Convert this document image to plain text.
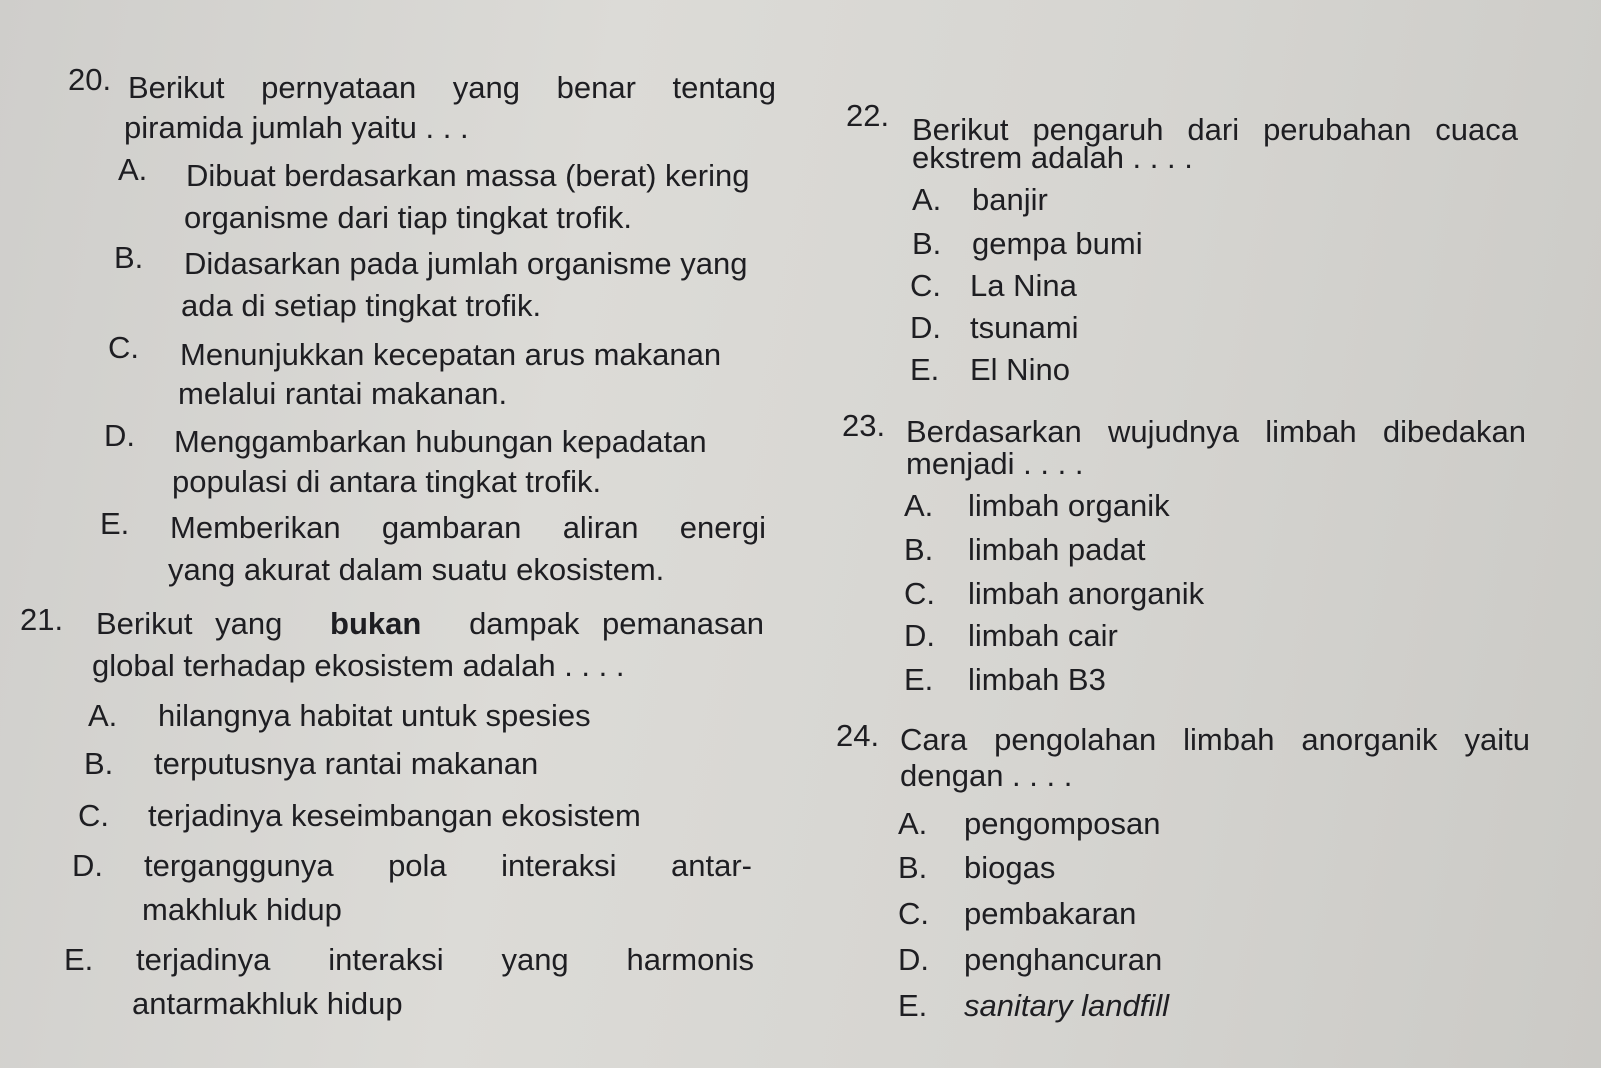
20. Berikut pernyataan yang benar tentang
piramida jumlah yaitu . . .
A. Dibuat berdasarkan massa (berat) kering
organisme dari tiap tingkat trofik.
B. Didasarkan pada jumlah organisme yang
ada di setiap tingkat trofik.
C. Menunjukkan kecepatan arus makanan
melalui rantai makanan.
D. Menggambarkan hubungan kepadatan
populasi di antara tingkat trofik.
E. Memberikan gambaran aliran energi
yang akurat dalam suatu ekosistem.
21. Berikut yang bukan dampak pemanasan
global terhadap ekosistem adalah . . . .
A. hilangnya habitat untuk spesies
B. terputusnya rantai makanan
C. terjadinya keseimbangan ekosistem
D. terganggunya pola interaksi antar-
makhluk hidup
E. terjadinya interaksi yang harmonis
antarmakhluk hidup
22. Berikut pengaruh dari perubahan cuaca
ekstrem adalah . . . .
A. banjir
B. gempa bumi
C. La Nina
D. tsunami
E. El Nino
23. Berdasarkan wujudnya limbah dibedakan
menjadi . . . .
A. limbah organik
B. limbah padat
C. limbah anorganik
D. limbah cair
E. limbah B3
24. Cara pengolahan limbah anorganik yaitu
dengan . . . .
A. pengomposan
B. biogas
C. pembakaran
D. penghancuran
E. sanitary landfill
